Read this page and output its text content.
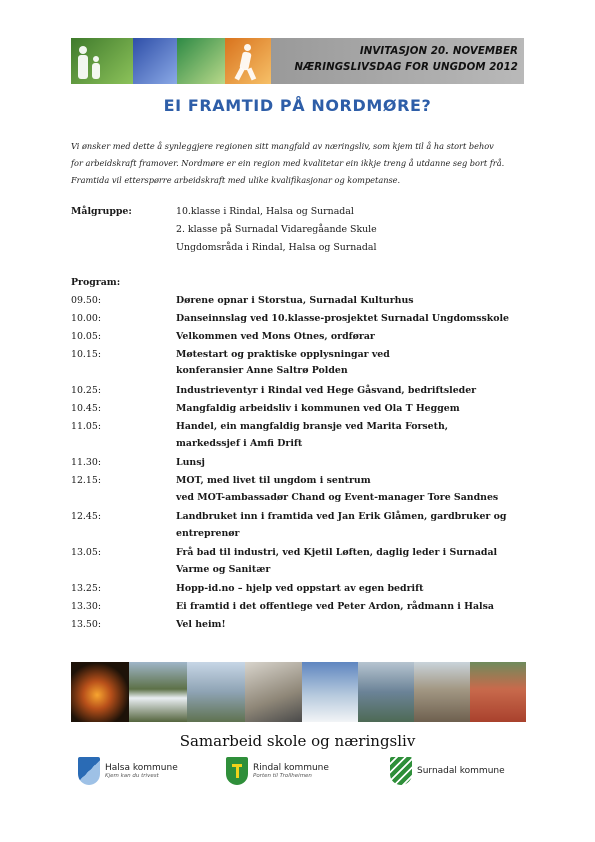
INVITASJON 20. NOVEMBER
NÆRINGSLIVSDAG FOR UNGDOM 2012
EI FRAMTID PÅ NORDMØRE?

Vi ønsker med dette å synleggjere regionen sitt mangfald av næringsliv, som kjem til å ha stort behov

for arbeidskraft framover. Nordmøre er ein region med kvalitetar ein ikkje treng å utdanne seg bort frå.

Framtida vil etterspørre arbeidskraft med ulike kvalifikasjonar og kompetanse.

Målgruppe:	10.klasse i Rindal, Halsa og Surnadal
2. klasse på Surnadal Vidaregåande Skule
Ungdomsråda i Rindal, Halsa og Surnadal
Program:
09.50:	Dørene opnar i Storstua, Surnadal Kulturhus
10.00:	Danseinnslag ved 10.klasse-prosjektet Surnadal Ungdomsskole
10.05:	Velkommen ved Mons Otnes, ordførar
10.15:	Møtestart og praktiske opplysningar ved
konferansier Anne Saltrø Polden
10.25:	Industrieventyr i Rindal ved Hege Gåsvand, bedriftsleder
10.45:	Mangfaldig arbeidsliv i kommunen ved Ola T Heggem
11.05:	Handel, ein mangfaldig bransje ved Marita Forseth,
markedssjef i Amfi Drift
11.30:	Lunsj
12.15:	MOT, med livet til ungdom i sentrum
ved MOT-ambassadør Chand og Event-manager Tore Sandnes
12.45:	Landbruket inn i framtida ved Jan Erik Glåmen, gardbruker og
entreprenør
13.05:	Frå bad til industri, ved Kjetil Løften, daglig leder i Surnadal
Varme og Sanitær
13.25:	Hopp-id.no – hjelp ved oppstart av egen bedrift
13.30:	Ei framtid i det offentlege ved Peter Ardon, rådmann i Halsa
13.50:	Vel heim!
Samarbeid skole og næringsliv
Halsa kommune
Kjem kan du trivest
Rindal kommune
Porten til Trollheimen	Surnadal kommune
